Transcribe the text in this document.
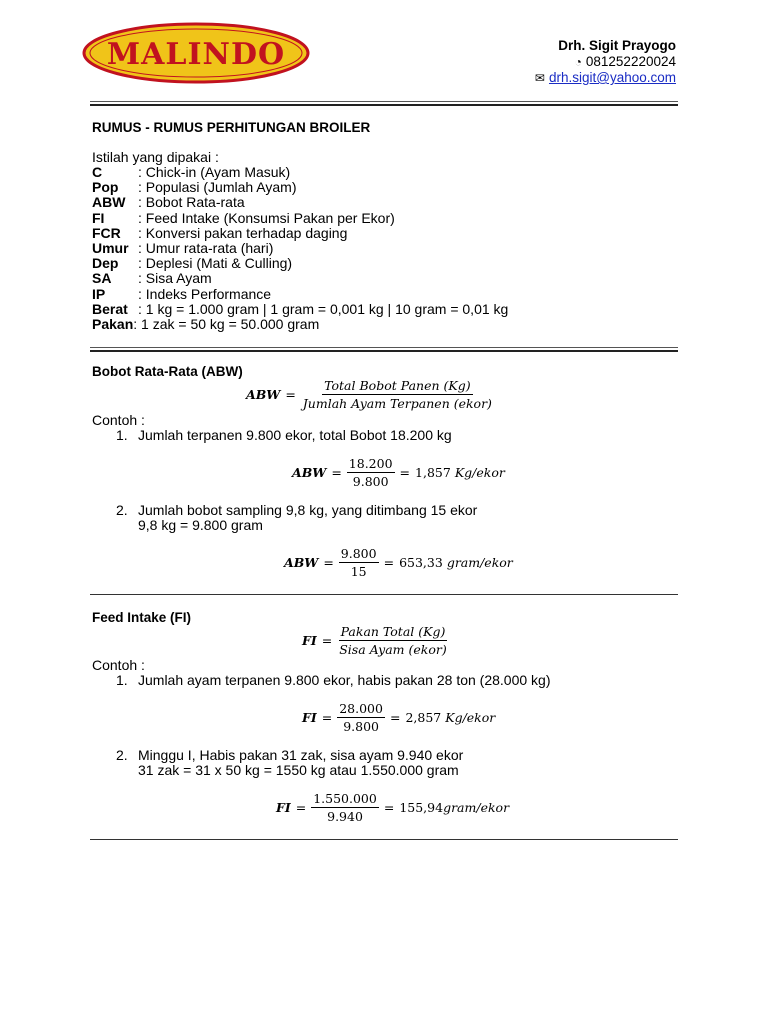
MALINDO	Drh. Sigit Prayogo
◔ 081252220024
✉ drh.sigit@yahoo.com
RUMUS - RUMUS PERHITUNGAN BROILER
Istilah yang dipakai :
C	: Chick-in (Ayam Masuk)
Pop : Populasi (Jumlah Ayam)
ABW : Bobot Rata-rata
FI : Feed Intake (Konsumsi Pakan per Ekor)
FCR : Konversi pakan terhadap daging
Umur : Umur rata-rata (hari)
Dep : Deplesi (Mati & Culling)
SA : Sisa Ayam
IP : Indeks Performance
Berat : 1 kg = 1.000 gram | 1 gram = 0,001 kg | 10 gram = 0,01 kg
Pakan: 1 zak = 50 kg = 50.000 gram
Bobot Rata-Rata (ABW)
ABW = $\frac{\text{Total Bobot Panen (Kg)}}{\text{Jumlah Ayam Terpanen (ekor)}}$
Contoh :
1. Jumlah terpanen 9.800 ekor, total Bobot 18.200 kg
ABW = $\frac{18.200}{9.800} = 1,857$
Kg/ekor
2. Jumlah bobot sampling 9,8 kg, yang ditimbang 15 ekor
9,8 kg = 9.800 gram
ABW = $\frac{9.800}{15} = 653,33$
gram/ekor
Feed Intake (FI)
FI = $\frac{\text{Pakan Total (Kg)}}{\text{Sisa Ayam (ekor)}}$
Contoh :
1. Jumlah ayam terpanen 9.800 ekor, habis pakan 28 ton (28.000 kg)
FI = $\frac{28.000}{9.800} = 2,857$
Kg/ekor
2. Minggu I, Habis pakan 31 zak, sisa ayam 9.940 ekor
31 zak = 31 x 50 kg = 1550 kg atau 1.550.000 gram
FI = $\frac{1.550.000}{9.940} = 155,94$ gram/ekor
